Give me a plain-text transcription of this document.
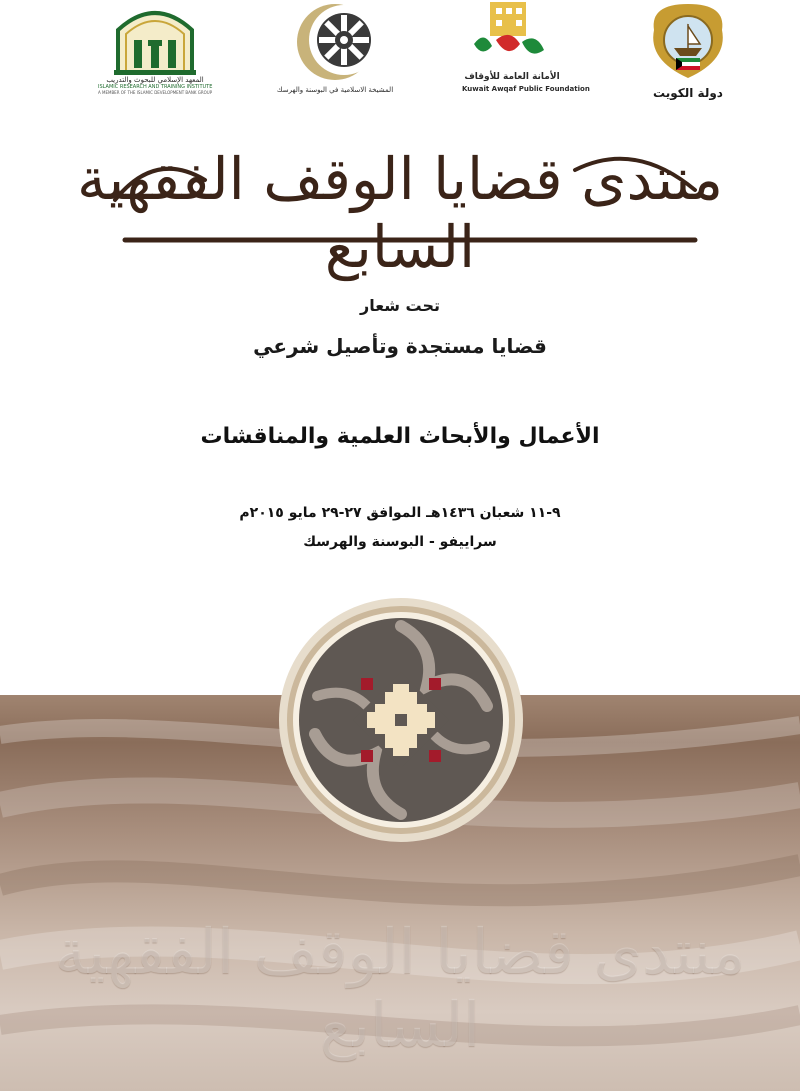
المعهد الإسلامي للبحوث والتدريب
ISLAMIC RESEARCH AND TRAINING INSTITUTE
A MEMBER OF THE ISLAMIC DEVELOPMENT BANK GROUP	المشيخة الاسلامية في البوسنة والهرسك
الأمانة العامة للأوقاف
Kuwait Awqaf Public Foundation	دولة الكويت
منتدى قضايا الوقف الفقهية السابع
تحت شعار
قضايا مستجدة وتأصيل شرعي
الأعمال والأبحاث العلمية والمناقشات
٩-١١ شعبان ١٤٣٦هـ الموافق ٢٧-٢٩ مايو ٢٠١٥م
سراييفو - البوسنة والهرسك
منتدى قضايا الوقف الفقهية السابع
